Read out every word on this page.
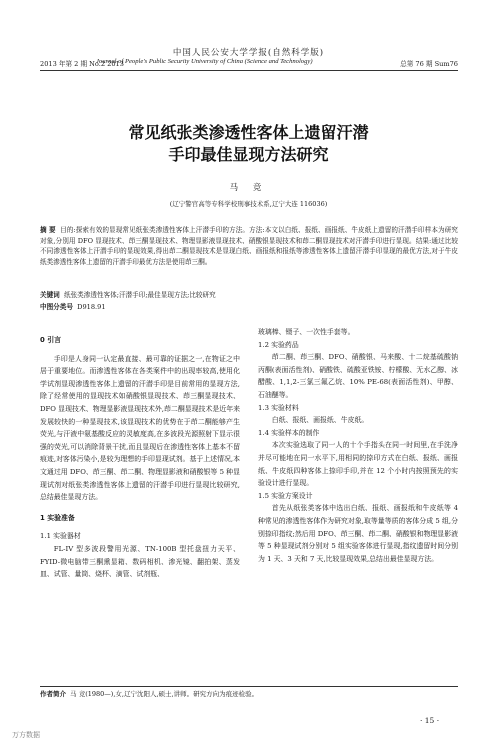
中国人民公安大学学报(自然科学版)
2013 年第 2 期 No.2 2013
Journal of People's Public Security University of China (Science and Technology)	总第 76 期 Sum76
常见纸张类渗透性客体上遗留汗潜
手印最佳显现方法研究
马 竞
(辽宁警官高等专科学校刑事技术系,辽宁大连 116036)
摘 要 目的:探索有效的显现常见纸张类渗透性客体上汗潜手印的方法。方法:本文以白纸、报纸、画报纸、牛皮纸上遗留的汗潜手印样本为研究对象,分别用 DFO 显现技术、茚三酮显现技术、物理显影液显现技术、硝酸银显现技术和茚二酮显现技术对汗潜手印进行显现。结果:通过比较不同渗透性客体上汗潜手印的显现效果,得出茚二酮显现技术是显现白纸、画报纸和报纸等渗透性客体上遗留汗潜手印显现的最优方法,对于牛皮纸类渗透性客体上遗留的汗潜手印最优方法是使用茚三酮。
关键词 纸张类渗透性客体;汗潜手印;最佳显现方法;比较研究
中图分类号 D918.91

0 引言

手印是人身同一认定最直接、最可靠的证据之一,在物证之中居于重要地位。而渗透性客体在各类案件中的出现率较高,使用化学试剂显现渗透性客体上遗留的汗潜手印是目前常用的显现方法,除了经常使用的显现技术如硝酸银显现技术、茚三酮显现技术、DFO 显现技术、物理显影液显现技术外,茚二酮显现技术是近年来发展较快的一种显现技术,该显现技术的优势在于茚二酮能够产生荧光,与汗液中氨基酸反应的灵敏度高,在多波段光源照射下显示很强的荧光,可以消除背景干扰,而且显现后在渗透性客体上基本不留痕迹,对客体污染小,是较为理想的手印显现试剂。基于上述情况,本文通过用 DFO、茚三酮、茚二酮、物理显影液和硝酸银等 5 种显现试剂对纸张类渗透性客体上遗留的汗潜手印进行显现比较研究,总结最佳显现方法。

1 实验准备

1.1 实验器材

FL-IV 型多波段警用光源、TN-100B 型托盘扭力天平、FYID-微电脑带三酮熏显箱、数码相机、渗光镜、翻拍架、蒸发皿、试管、量筒、烧杯、滴管、试剂瓶、

玻璃棒、镊子、一次性手套等。

1.2 实验药品

茚二酮、茚三酮、DFO、硝酸银、马来酸、十二烷基硫酸钠丙酮(表面活性剂)、硝酸铁、硫酸亚铁铵、柠檬酸、无水乙醇、冰醋酸、1,1,2-三氯三氟乙烷、10% PE-68(表面活性剂)、甲醇、石油醚等。

1.3 实验材料

白纸、报纸、画报纸、牛皮纸。

1.4 实验样本的制作

本次实验选取了同一人的十个手指头在同一时间里,在手洗净并尽可能地在同一水平下,用相同的捺印方式在白纸、报纸、画报纸、牛皮纸四种客体上捺印手印,并在 12 个小时内按照预先的实验设计进行显现。

1.5 实验方案设计

首先从纸张类客体中选出白纸、报纸、画报纸和牛皮纸等 4 种常见的渗透性客体作为研究对象,取等量等质的客体分成 5 组,分别捺印指纹;然后用 DFO、茚三酮、茚二酮、硝酸银和物理显影液等 5 种显现试剂分别对 5 组实验客体进行显现,指纹遗留时间分别为 1 天、3 天和 7 天,比较显现效果,总结出最佳显现方法。

作者简介 马 竞(1980—),女,辽宁沈阳人,硕士,讲师。研究方向为痕迹检验。
· 15 ·
万方数据
